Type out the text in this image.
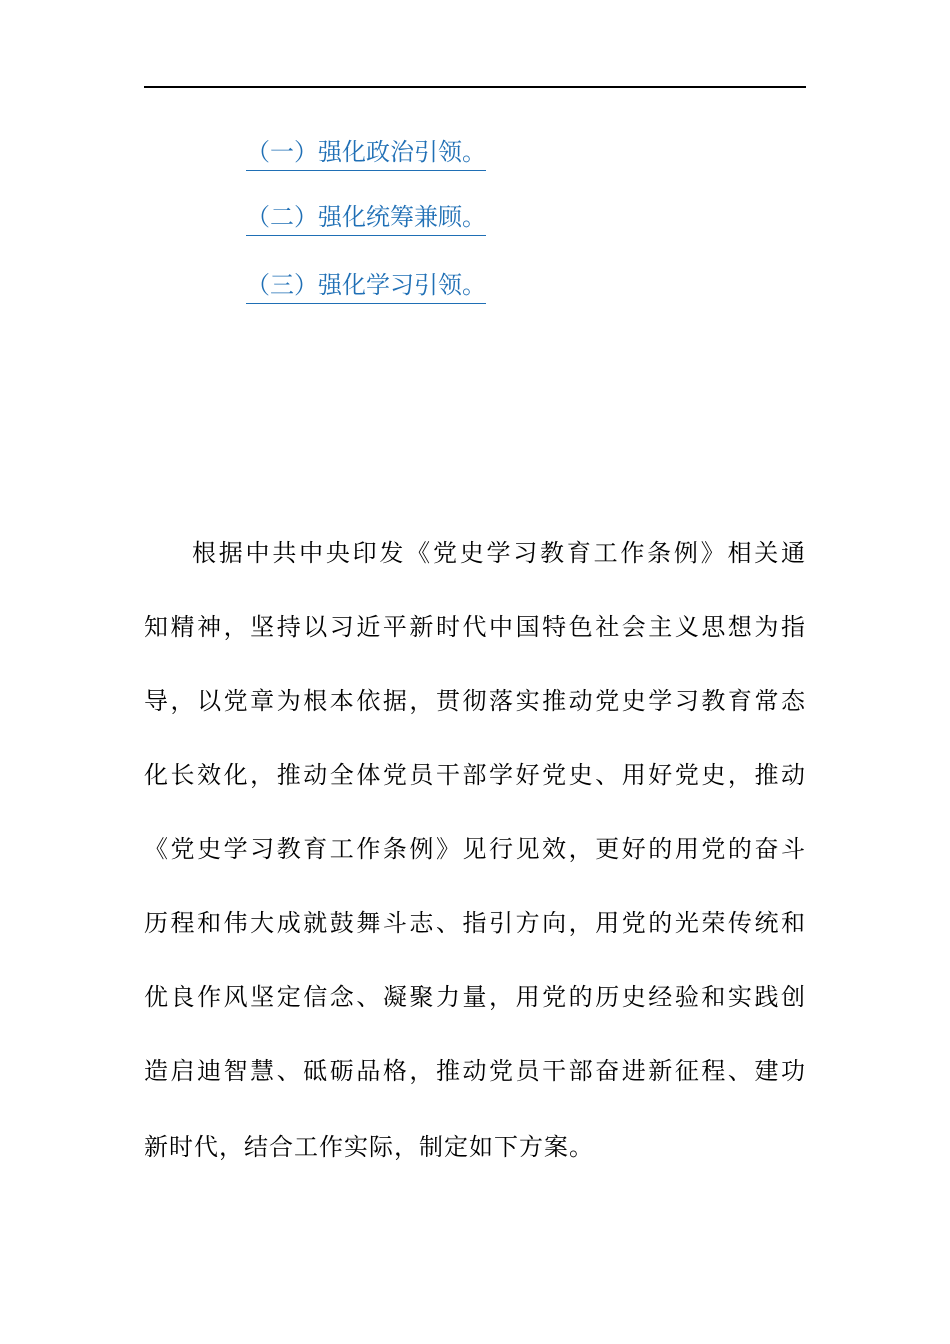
（一）强化政治引领。
（二）强化统筹兼顾。
（三）强化学习引领。
根据中共中央印发《党史学习教育工作条例》相关通
知精神，坚持以习近平新时代中国特色社会主义思想为指
导，以党章为根本依据，贯彻落实推动党史学习教育常态
化长效化，推动全体党员干部学好党史、用好党史，推动
《党史学习教育工作条例》见行见效，更好的用党的奋斗
历程和伟大成就鼓舞斗志、指引方向，用党的光荣传统和
优良作风坚定信念、凝聚力量，用党的历史经验和实践创
造启迪智慧、砥砺品格，推动党员干部奋进新征程、建功
新时代，结合工作实际，制定如下方案。
